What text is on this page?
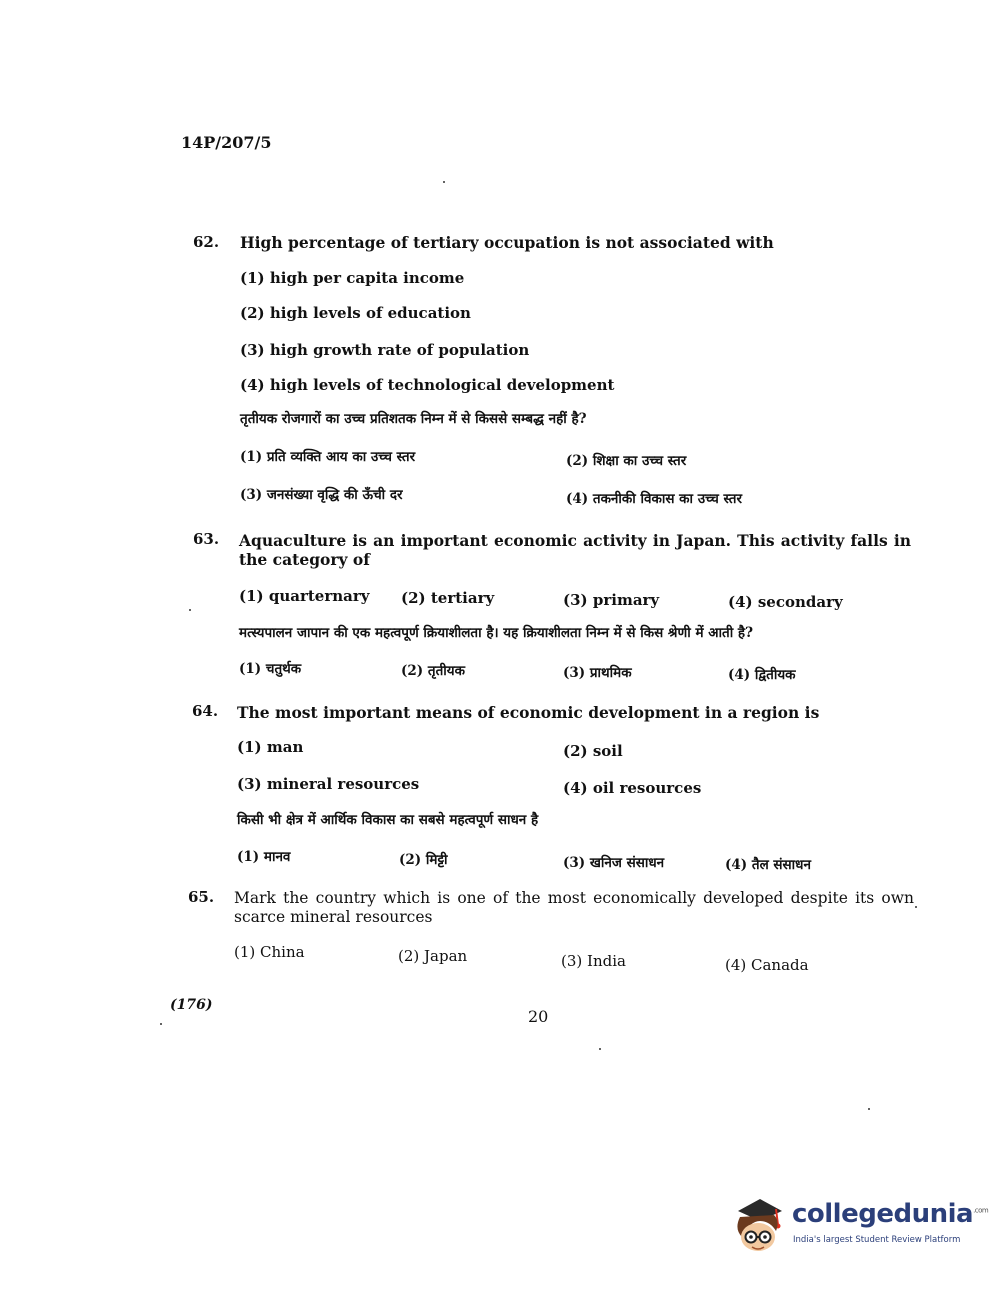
14P/207/5
62. High percentage of tertiary occupation is not associated with
(1) high per capita income
(2) high levels of education
(3) high growth rate of population
(4) high levels of technological development
तृतीयक रोजगारों का उच्च प्रतिशतक निम्न में से किससे सम्बद्ध नहीं है?
(1) प्रति व्यक्ति आय का उच्च स्तर	(2) शिक्षा का उच्च स्तर
(3) जनसंख्या वृद्धि की ऊँची दर	(4) तकनीकी विकास का उच्च स्तर
63. Aquaculture is an important economic activity in Japan. This activity falls in the category of
(1) quarternary (2) tertiary	(3) primary	(4) secondary
मत्स्यपालन जापान की एक महत्वपूर्ण क्रियाशीलता है। यह क्रियाशीलता निम्न में से किस श्रेणी में आती है?
(1) चतुर्थक	(2) तृतीयक	(3) प्राथमिक	(4) द्वितीयक
64. The most important means of economic development in a region is
(1) man	(2) soil
(3) mineral resources	(4) oil resources
किसी भी क्षेत्र में आर्थिक विकास का सबसे महत्वपूर्ण साधन है
(1) मानव	(2) मिट्टी	(3) खनिज संसाधन	(4) तैल संसाधन
65. Mark the country which is one of the most economically developed despite its own scarce mineral resources
(1) China	(2) Japan	(3) India	(4) Canada
(176)
20
collegedunia$^{.com}$
India's largest Student Review Platform
